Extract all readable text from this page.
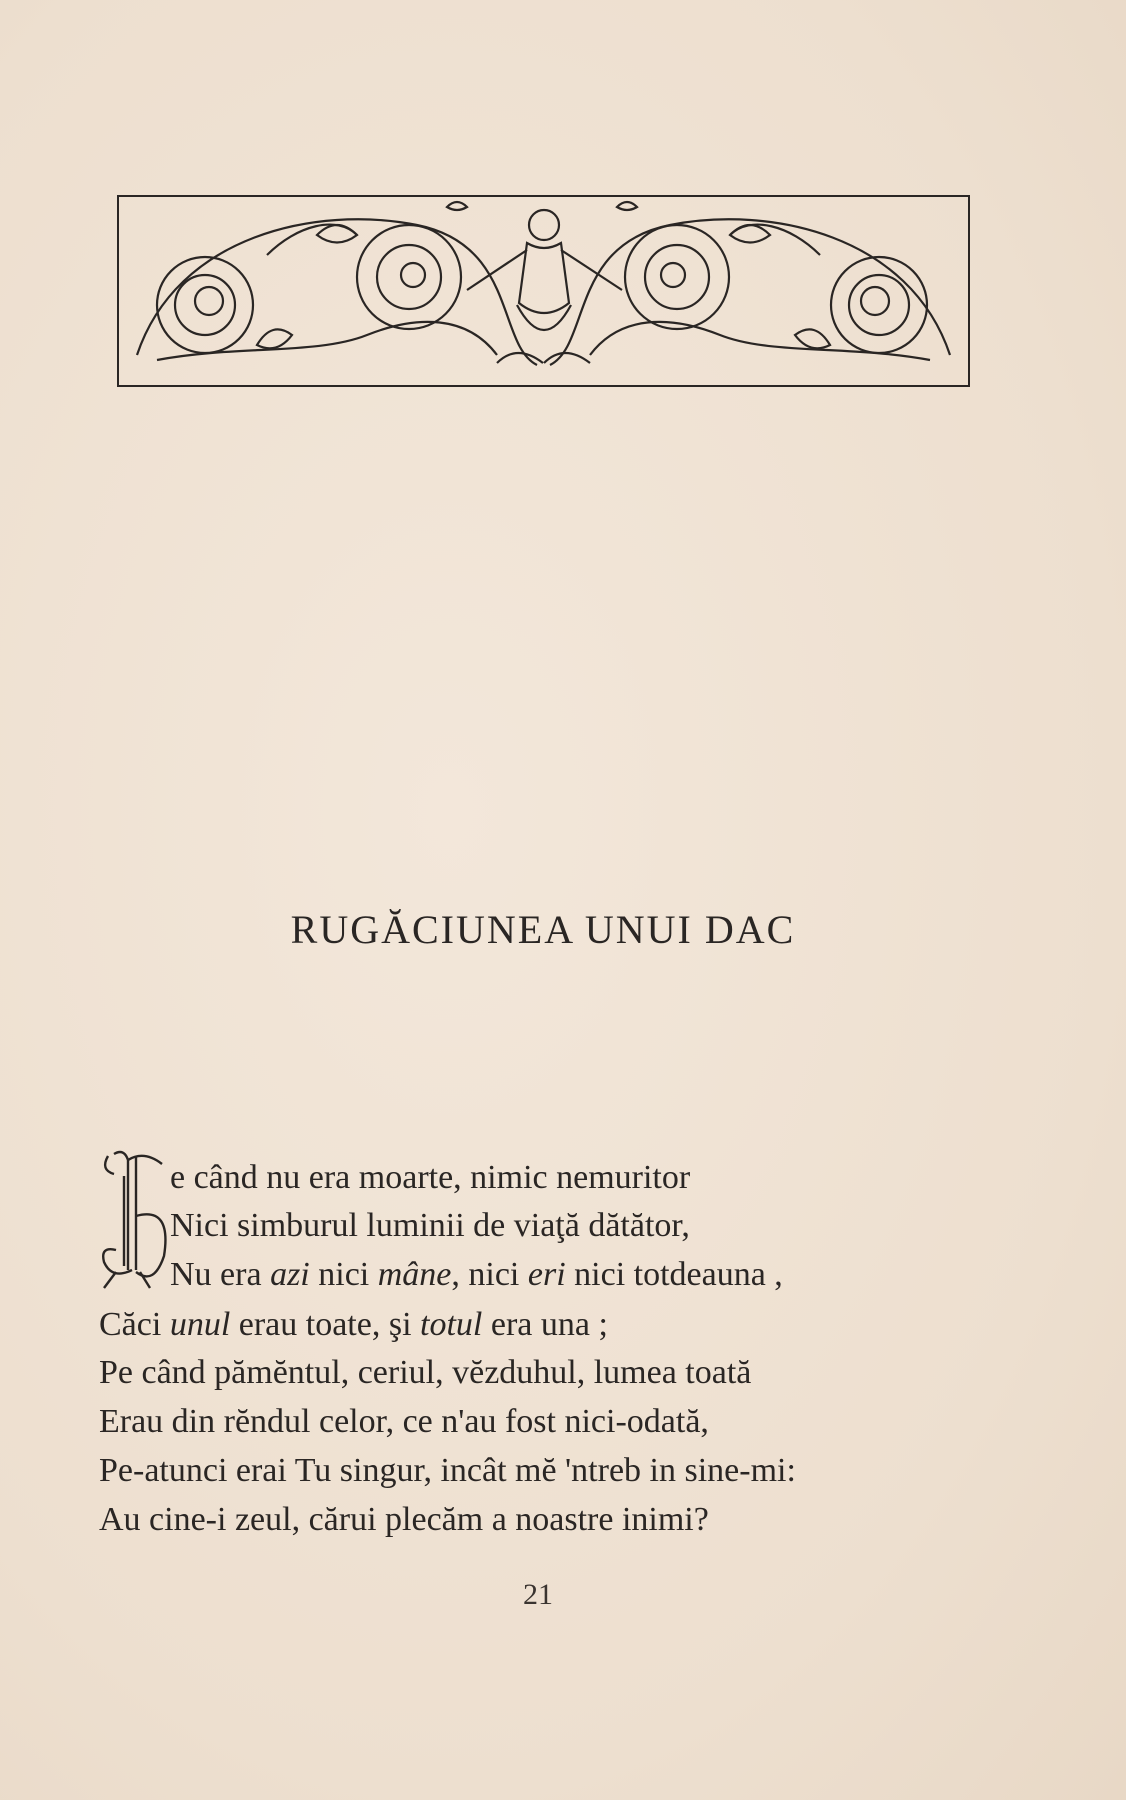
RUGĂCIUNEA UNUI DAC
e când nu era moarte, nimic nemuritor
Nici simburul luminii de viaţă dătător,
Nu era azi nici mâne, nici eri nici totdeauna ,
Căci unul erau toate, şi totul era una ;
Pe când pămĕntul, ceriul, vĕzduhul, lumea toată
Erau din rĕndul celor, ce n'au fost nici-odată,
Pe-atunci erai Tu singur, incât mĕ 'ntreb in sine-mi:
Au cine-i zeul, cărui plecăm a noastre inimi?
21
